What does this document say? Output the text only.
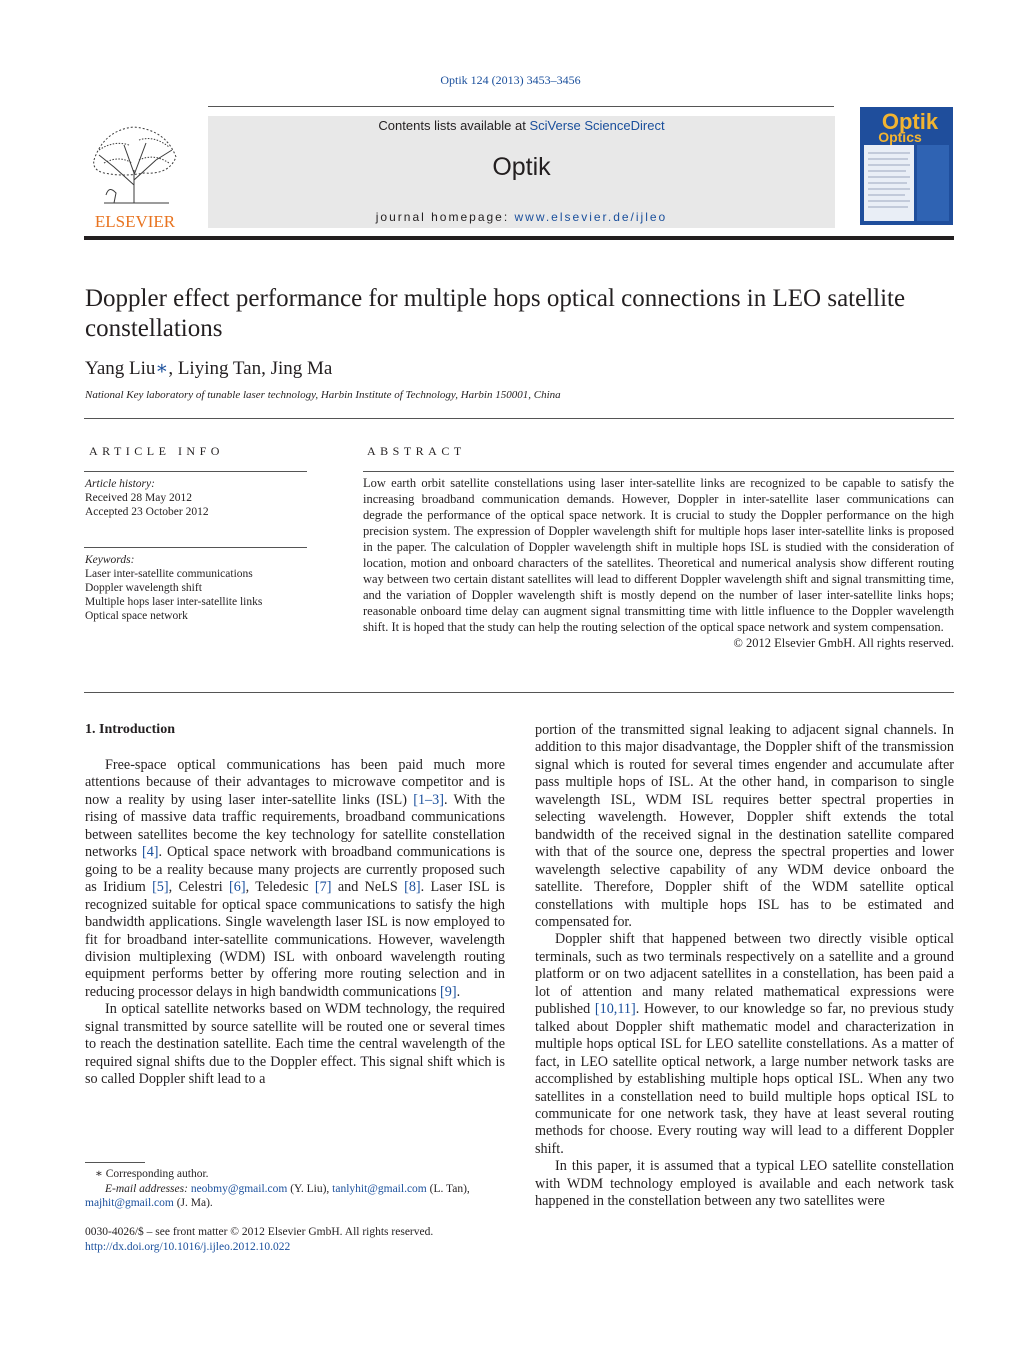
Optik 124 (2013) 3453–3456
ELSEVIER
Contents lists available at SciVerse ScienceDirect
Optik
journal homepage: www.elsevier.de/ijleo
Optik
Optics
Doppler effect performance for multiple hops optical connections in LEO satellite constellations
Yang Liu∗, Liying Tan, Jing Ma
National Key laboratory of tunable laser technology, Harbin Institute of Technology, Harbin 150001, China
ARTICLE INFO
Article history:
Received 28 May 2012
Accepted 23 October 2012
Keywords:
Laser inter-satellite communications
Doppler wavelength shift
Multiple hops laser inter-satellite links
Optical space network
ABSTRACT
Low earth orbit satellite constellations using laser inter-satellite links are recognized to be capable to satisfy the increasing broadband communication demands. However, Doppler in inter-satellite laser communications can degrade the performance of the optical space network. It is crucial to study the Doppler performance on the high precision system. The expression of Doppler wavelength shift for multiple hops laser inter-satellite links is proposed in the paper. The calculation of Doppler wavelength shift in multiple hops ISL is studied with the consideration of location, motion and onboard characters of the satellites. Theoretical and numerical analysis show different routing way between two certain distant satellites will lead to different Doppler wavelength shift and signal transmitting time, and the variation of Doppler wavelength shift is mostly depend on the number of laser inter-satellite links hops; reasonable onboard time delay can augment signal transmitting time with little influence to the Doppler wavelength shift. It is hoped that the study can help the routing selection of the optical space network and system compensation.
© 2012 Elsevier GmbH. All rights reserved.
1. Introduction

Free-space optical communications has been paid much more attentions because of their advantages to microwave competitor and is now a reality by using laser inter-satellite links (ISL) [1–3]. With the rising of massive data traffic requirements, broadband communications between satellites become the key technology for satellite constellation networks [4]. Optical space network with broadband communications is going to be a reality because many projects are currently proposed such as Iridium [5], Celestri [6], Teledesic [7] and NeLS [8]. Laser ISL is recognized suitable for optical space communications to satisfy the high bandwidth applications. Single wavelength laser ISL is now employed to fit for broadband inter-satellite communications. However, wavelength division multiplexing (WDM) ISL with onboard wavelength routing equipment performs better by offering more routing selection and in reducing processor delays in high bandwidth communications [9].

In optical satellite networks based on WDM technology, the required signal transmitted by source satellite will be routed one or several times to reach the destination satellite. Each time the central wavelength of the required signal shifts due to the Doppler effect. This signal shift which is so called Doppler shift lead to a

portion of the transmitted signal leaking to adjacent signal channels. In addition to this major disadvantage, the Doppler shift of the transmission signal which is routed for several times engender and accumulate after pass multiple hops of ISL. At the other hand, in comparison to single wavelength ISL, WDM ISL requires better spectral properties in selecting wavelength. However, Doppler shift extends the total bandwidth of the received signal in the destination satellite compared with that of the source one, depress the spectral properties and lower wavelength selective capability of any WDM device onboard the satellite. Therefore, Doppler shift of the WDM satellite optical constellations with multiple hops ISL has to be estimated and compensated for.

Doppler shift that happened between two directly visible optical terminals, such as two terminals respectively on a satellite and a ground platform or on two adjacent satellites in a constellation, has been paid a lot of attention and many related mathematical expressions were published [10,11]. However, to our knowledge so far, no previous study talked about Doppler shift mathematic model and characterization in multiple hops optical ISL for LEO satellite constellations. As a matter of fact, in LEO satellite optical network, a large number network tasks are accomplished by establishing multiple hops optical ISL. When any two satellites in a constellation need to build multiple hops optical ISL to communicate for one network task, they have at least several routing methods for choose. Every routing way will lead to a different Doppler shift.

In this paper, it is assumed that a typical LEO satellite constellation with WDM technology employed is available and each network task happened in the constellation between any two satellites were

∗ Corresponding author.
E-mail addresses: neobmy@gmail.com (Y. Liu), tanlyhit@gmail.com (L. Tan),
majhit@gmail.com (J. Ma).
0030-4026/$ – see front matter © 2012 Elsevier GmbH. All rights reserved.
http://dx.doi.org/10.1016/j.ijleo.2012.10.022
